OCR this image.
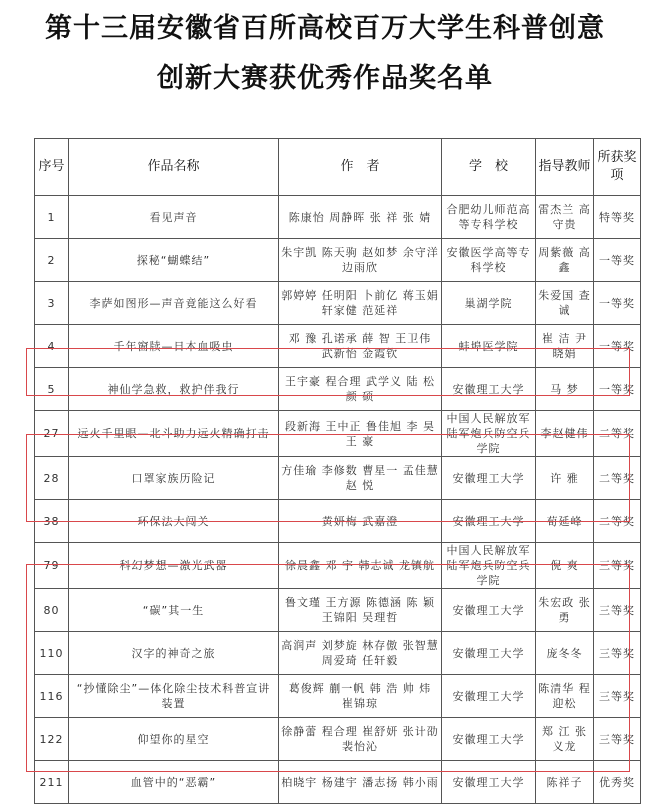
第十三届安徽省百所高校百万大学生科普创意
创新大赛获优秀作品奖名单
序号	作品名称	作　者	学　校	指导教师	所获奖项
1	看见声音	陈康怡 周静晖 张 祥 张 婧	合肥幼儿师范高等专科学校	雷杰兰 高守贵	特等奖
2	探秘“蝴蝶结”	朱宇凯 陈天驹 赵如梦 余守洋 边雨欣	安徽医学高等专科学校	周紫薇 高 鑫	一等奖
3	李萨如图形—声音竟能这么好看	郭婷婷 任明阳 卜前亿 蒋玉娟 轩家健 范延祥	巢湖学院	朱爱国 查 诚	一等奖
4	千年窗牍—日本血吸虫	邓 豫 孔诺承 薛 智 王卫伟 武新怡 金霞钦	蚌埠医学院	崔 洁 尹晓娟	一等奖
5	神仙学急救，救护伴我行	王宇豪 程合理 武学义 陆 松 颜 硕	安徽理工大学	马 梦	一等奖
27	远火千里眼—北斗助力远火精确打击	段新海 王中正 鲁佳旭 李 昊 王 豪	中国人民解放军陆军炮兵防空兵学院	李赵健伟	二等奖
28	口罩家族历险记	方佳瑜 李修数 曹星一 孟佳慧 赵 悦	安徽理工大学	许 雅	二等奖
38	环保法大闯关	黄妍梅 武嘉澄	安徽理工大学	荀延峰	二等奖
79	科幻梦想—激光武器	徐晨鑫 邓 宇 韩志诚 龙镇航	中国人民解放军陆军炮兵防空兵学院	倪 爽	三等奖
80	“碳”其一生	鲁文瑾 王方源 陈德涵 陈 颖 王锦阳 吴理哲	安徽理工大学	朱宏政 张 勇	三等奖
110	汉字的神奇之旅	高润声 刘梦旋 林存傲 张智慧 周爱琦 任轩毅	安徽理工大学	庞冬冬	三等奖
116	“抄懂除尘”—体化除尘技术科普宣讲装置	葛俊辉 蒯一帆 韩 浩 帅 炜 崔锦琼	安徽理工大学	陈清华 程迎松	三等奖
122	仰望你的星空	徐静蕾 程合理 崔舒妍 张计劭 裴怡沁	安徽理工大学	郑 江 张义龙	三等奖
211	血管中的“恶霸”	柏晓宇 杨建宇 潘志扬 韩小雨	安徽理工大学	陈祥子	优秀奖
